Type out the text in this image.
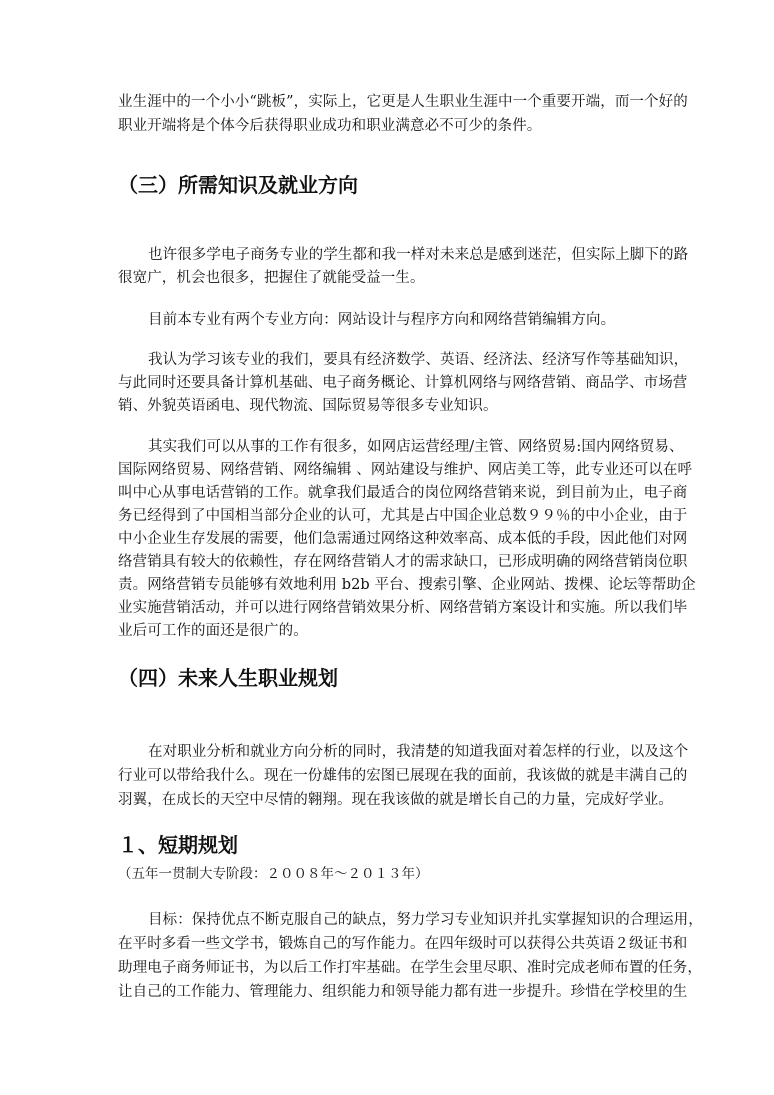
业生涯中的一个小小“跳板”，实际上，它更是人生职业生涯中一个重要开端，而一个好的
职业开端将是个体今后获得职业成功和职业满意必不可少的条件。
（三）所需知识及就业方向
也许很多学电子商务专业的学生都和我一样对未来总是感到迷茫，但实际上脚下的路
很宽广，机会也很多，把握住了就能受益一生。
目前本专业有两个专业方向：网站设计与程序方向和网络营销编辑方向。
我认为学习该专业的我们，要具有经济数学、英语、经济法、经济写作等基础知识，
与此同时还要具备计算机基础、电子商务概论、计算机网络与网络营销、商品学、市场营
销、外貌英语函电、现代物流、国际贸易等很多专业知识。
其实我们可以从事的工作有很多，如网店运营经理/主管、网络贸易:国内网络贸易、
国际网络贸易、网络营销、网络编辑 、网站建设与维护、网店美工等，此专业还可以在呼
叫中心从事电话营销的工作。就拿我们最适合的岗位网络营销来说，到目前为止，电子商
务已经得到了中国相当部分企业的认可，尤其是占中国企业总数９９％的中小企业，由于
中小企业生存发展的需要，他们急需通过网络这种效率高、成本低的手段，因此他们对网
络营销具有较大的依赖性，存在网络营销人才的需求缺口，已形成明确的网络营销岗位职
责。网络营销专员能够有效地利用 b2b 平台、搜索引擎、企业网站、拨棵、论坛等帮助企
业实施营销活动，并可以进行网络营销效果分析、网络营销方案设计和实施。所以我们毕
业后可工作的面还是很广的。
（四）未来人生职业规划
在对职业分析和就业方向分析的同时，我清楚的知道我面对着怎样的行业，以及这个
行业可以带给我什么。现在一份雄伟的宏图已展现在我的面前，我该做的就是丰满自己的
羽翼，在成长的天空中尽情的翱翔。现在我该做的就是增长自己的力量，完成好学业。
１、短期规划
（五年一贯制大专阶段：２００８年～２０１３年）
目标：保持优点不断克服自己的缺点，努力学习专业知识并扎实掌握知识的合理运用，
在平时多看一些文学书，锻炼自己的写作能力。在四年级时可以获得公共英语２级证书和
助理电子商务师证书，为以后工作打牢基础。在学生会里尽职、准时完成老师布置的任务，
让自己的工作能力、管理能力、组织能力和领导能力都有进一步提升。珍惜在学校里的生
